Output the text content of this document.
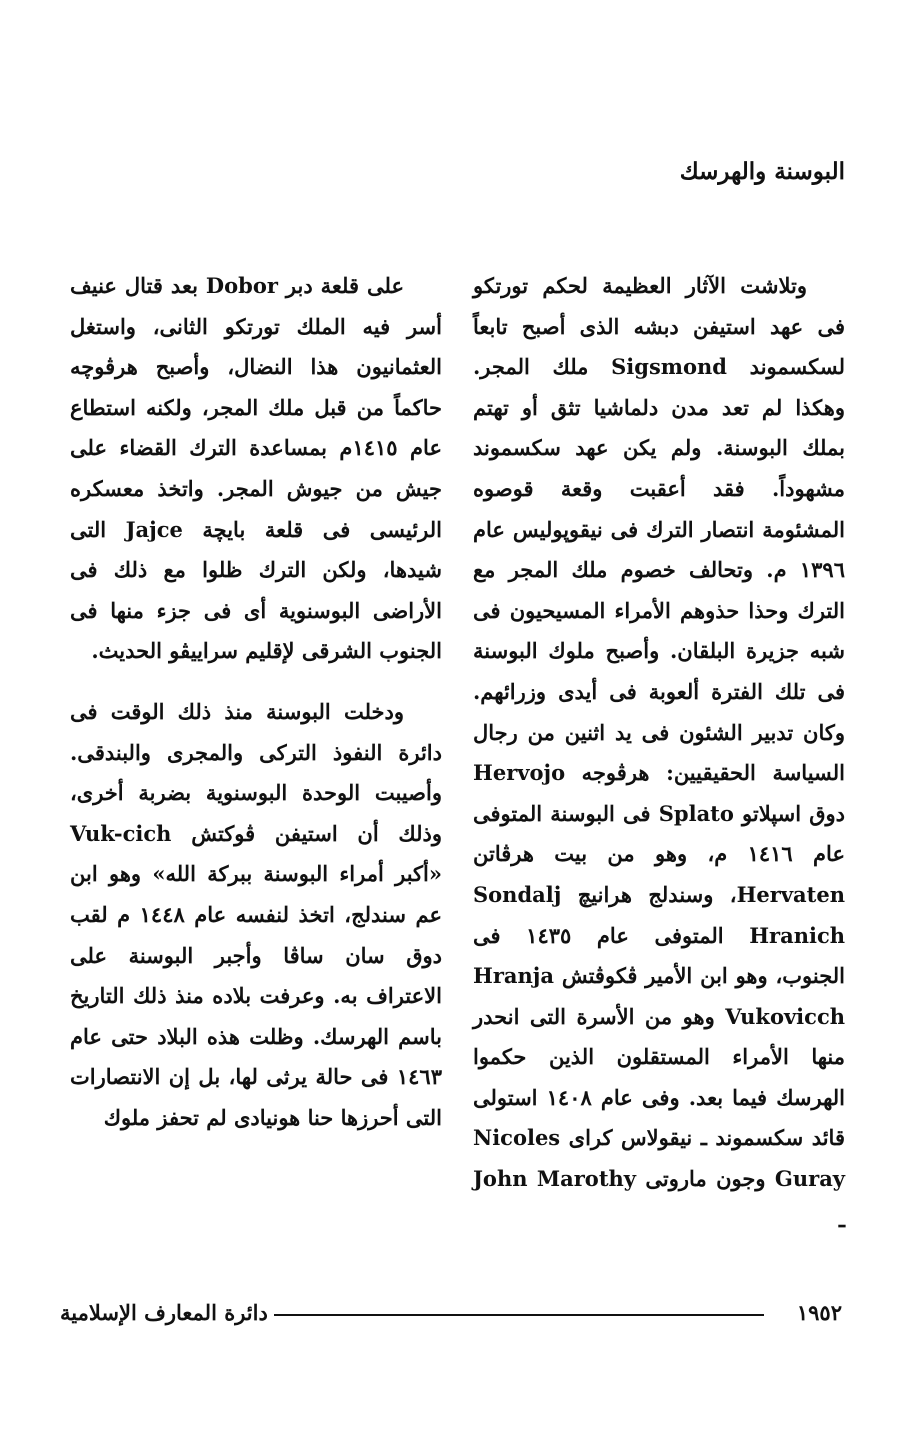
البوسنة والهرسك

وتلاشت الآثار العظيمة لحكم تورتكو فى عهد استيفن دبشه الذى أصبح تابعاً لسكسموند Sigsmond ملك المجر. وهكذا لم تعد مدن دلماشيا تثق أو تهتم بملك البوسنة. ولم يكن عهد سكسموند مشهوداً. فقد أعقبت وقعة قوصوه المشئومة انتصار الترك فى نيقوپوليس عام ١٣٩٦ م. وتحالف خصوم ملك المجر مع الترك وحذا حذوهم الأمراء المسيحيون فى شبه جزيرة البلقان. وأصبح ملوك البوسنة فى تلك الفترة ألعوبة فى أيدى وزرائهم. وكان تدبير الشئون فى يد اثنين من رجال السياسة الحقيقيين: هرڤوجه Hervojo دوق اسپلاتو Splato فى البوسنة المتوفى عام ١٤١٦ م، وهو من بيت هرڤاتن Hervaten، وسندلج هرانيچ Sondalj Hranich المتوفى عام ١٤٣٥ فى الجنوب، وهو ابن الأمير ڤكوڤتش Hranja Vukovicch وهو من الأسرة التى انحدر منها الأمراء المستقلون الذين حكموا الهرسك فيما بعد. وفى عام ١٤٠٨ استولى قائد سكسموند ـ نيقولاس كراى Nicoles Guray وجون ماروتى John Marothy ـ

على قلعة دبر Dobor بعد قتال عنيف أسر فيه الملك تورتكو الثانى، واستغل العثمانيون هذا النضال، وأصبح هرڤوچه حاكماً من قبل ملك المجر، ولكنه استطاع عام ١٤١٥م بمساعدة الترك القضاء على جيش من جيوش المجر. واتخذ معسكره الرئيسى فى قلعة بايچة Jajce التى شيدها، ولكن الترك ظلوا مع ذلك فى الأراضى البوسنوية أى فى جزء منها فى الجنوب الشرقى لإقليم سراييڤو الحديث.

ودخلت البوسنة منذ ذلك الوقت فى دائرة النفوذ التركى والمجرى والبندقى. وأصيبت الوحدة البوسنوية بضربة أخرى، وذلك أن استيفن ڤوكتش Vuk-cich «أكبر أمراء البوسنة ببركة الله» وهو ابن عم سندلج، اتخذ لنفسه عام ١٤٤٨ م لقب دوق سان ساڤا وأجبر البوسنة على الاعتراف به. وعرفت بلاده منذ ذلك التاريخ باسم الهرسك. وظلت هذه البلاد حتى عام ١٤٦٣ فى حالة يرثى لها، بل إن الانتصارات التى أحرزها حنا هونيادى لم تحفز ملوك

دائرة المعارف الإسلامية	١٩٥٢
